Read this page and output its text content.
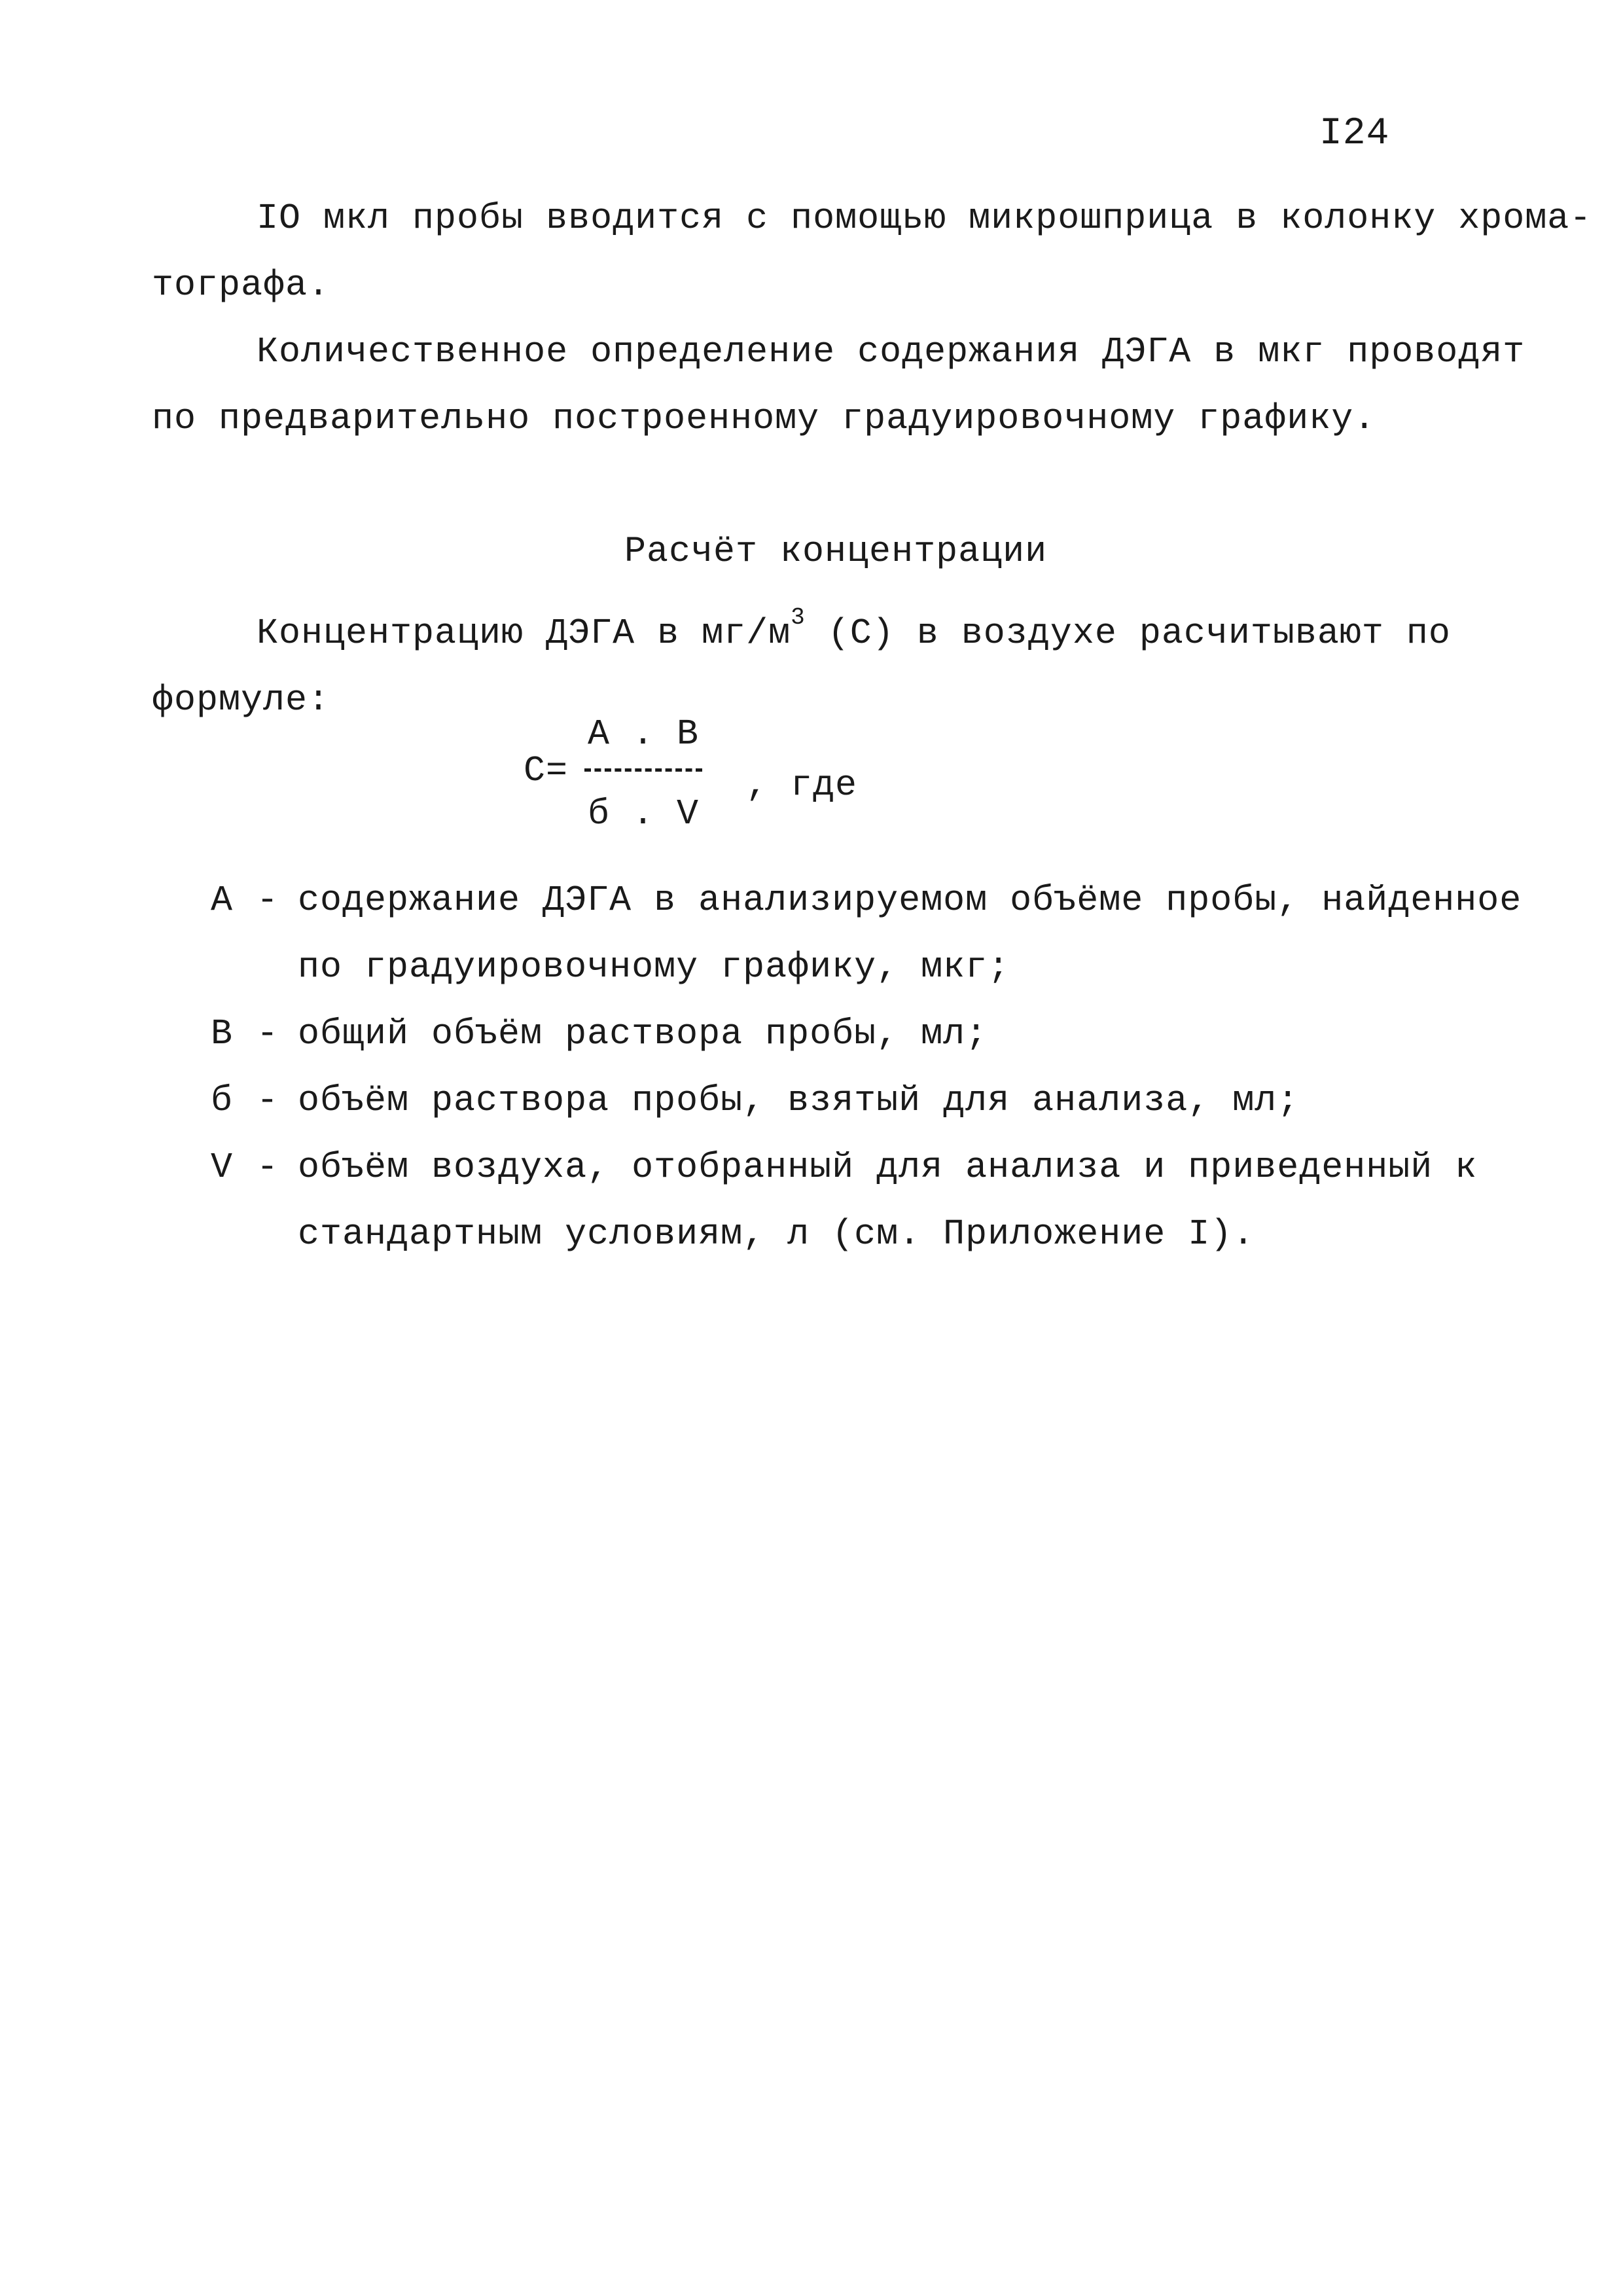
I24
IО мкл пробы вводится с помощью микрошприца в колонку хрома-
тографа.
Количественное определение содержания ДЭГА в мкг проводят
по предварительно построенному градуировочному графику.
Расчёт концентрации
Концентрацию ДЭГА в $мг/м^3$ (С) в воздухе расчитывают по
формуле:
А . В
С=
б . V
, где
А - содержание ДЭГА в анализируемом объёме пробы, найденное
по градуировочному графику, мкг;
В - общий объём раствора пробы, мл;
б - объём раствора пробы, взятый для анализа, мл;
V - объём воздуха, отобранный для анализа и приведенный к
стандартным условиям, л (см. Приложение I).
